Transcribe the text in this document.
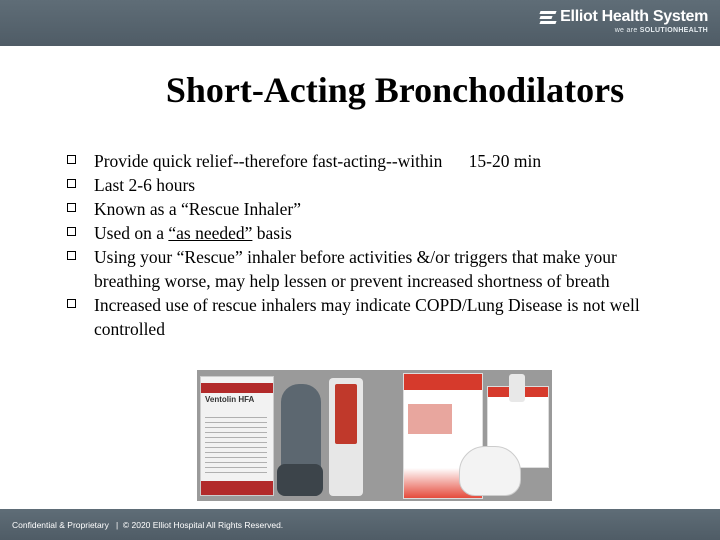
Elliot Health System
we are SOLUTIONHEALTH
Short-Acting Bronchodilators
Provide quick relief--therefore fast-acting--within      15-20 min
Last 2-6 hours
Known as a “Rescue Inhaler”
Used on a “as needed” basis
Using your “Rescue” inhaler before activities &/or triggers that make your breathing worse, may help lessen or prevent increased shortness of breath
Increased use of rescue inhalers may indicate COPD/Lung Disease is not well controlled
Ventolin HFA
Confidential & Proprietary   |  © 2020 Elliot Hospital All Rights Reserved.
